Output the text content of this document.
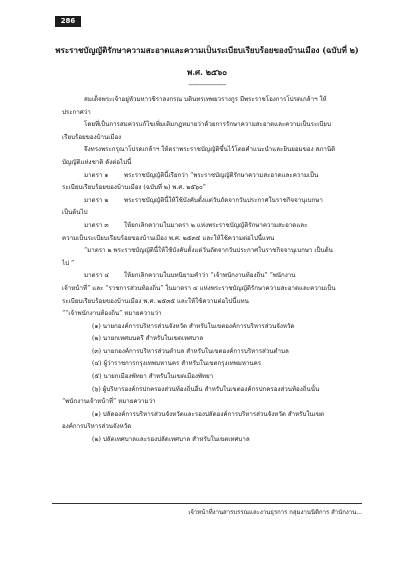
286
พระราชบัญญัติรักษาความสะอาดและความเป็นระเบียบเรียบร้อยของบ้านเมือง (ฉบับที่ ๒)
พ.ศ. ๒๕๖๐
--------------------
สมเด็จพระเจ้าอยู่หัวมหาวชิราลงกรณ บดินทรเทพยวรางกูร มีพระราชโองการโปรดเกล้าฯ ให้
ประกาศว่า
โดยที่เป็นการสมควรแก้ไขเพิ่มเติมกฎหมายว่าด้วยการรักษาความสะอาดและความเป็นระเบียบ
เรียบร้อยของบ้านเมือง
จึงทรงพระกรุณาโปรดเกล้าฯ ให้ตราพระราชบัญญัติขึ้นไว้โดยคำแนะนำและยินยอมของ สภานิติ
บัญญัติแห่งชาติ ดังต่อไปนี้
มาตรา ๑	พระราชบัญญัตินี้เรียกว่า “พระราชบัญญัติรักษาความสะอาดและความเป็น
ระเบียบเรียบร้อยของบ้านเมือง (ฉบับที่ ๒) พ.ศ. ๒๕๖๐”
มาตรา ๒	พระราชบัญญัตินี้ให้ใช้บังคับตั้งแต่วันถัดจากวันประกาศในราชกิจจานุเบกษา
เป็นต้นไป
มาตรา ๓ ให้ยกเลิกความในมาตรา ๒ แห่งพระราชบัญญัติรักษาความสะอาดและ
ความเป็นระเบียบเรียบร้อยของบ้านเมือง พ.ศ. ๒๕๓๕ และให้ใช้ความต่อไปนี้แทน
“มาตรา ๒ พระราชบัญญัตินี้ให้ใช้บังคับตั้งแต่วันถัดจากวันประกาศในราชกิจจานุเบกษา เป็นต้น
ไป ”
มาตรา ๔ ให้ยกเลิกความในบทนิยามคำว่า “เจ้าพนักงานท้องถิ่น” “พนักงาน
เจ้าหน้าที่” และ “ราชการส่วนท้องถิ่น” ในมาตรา ๔ แห่งพระราชบัญญัติรักษาความสะอาดและความเป็น
ระเบียบเรียบร้อยของบ้านเมือง พ.ศ. ๒๕๓๕ และให้ใช้ความต่อไปนี้แทน
““เจ้าพนักงานท้องถิ่น” หมายความว่า
(๑) นายกองค์การบริหารส่วนจังหวัด สำหรับในเขตองค์การบริหารส่วนจังหวัด
(๒) นายกเทศมนตรี สำหรับในเขตเทศบาล
(๓) นายกองค์การบริหารส่วนตำบล สำหรับในเขตองค์การบริหารส่วนตำบล
(๔) ผู้ว่าราชการกรุงเทพมหานคร สำหรับในเขตกรุงเทพมหานคร
(๕) นายกเมืองพัทยา สำหรับในเขตเมืองพัทยา
(๖) ผู้บริหารองค์กรปกครองส่วนท้องถิ่นอื่น สำหรับในเขตองค์กรปกครองส่วนท้องถิ่นนั้น
“พนักงานเจ้าหน้าที่” หมายความว่า
(๑) ปลัดองค์การบริหารส่วนจังหวัดและรองปลัดองค์การบริหารส่วนจังหวัด สำหรับในเขต
องค์การบริหารส่วนจังหวัด
(๒) ปลัดเทศบาลและรองปลัดเทศบาล สำหรับในเขตเทศบาล
เจ้าหน้าที่งานสารบรรณและงานธุรการ กลุ่มงานนิติการ สำนักงาน...
